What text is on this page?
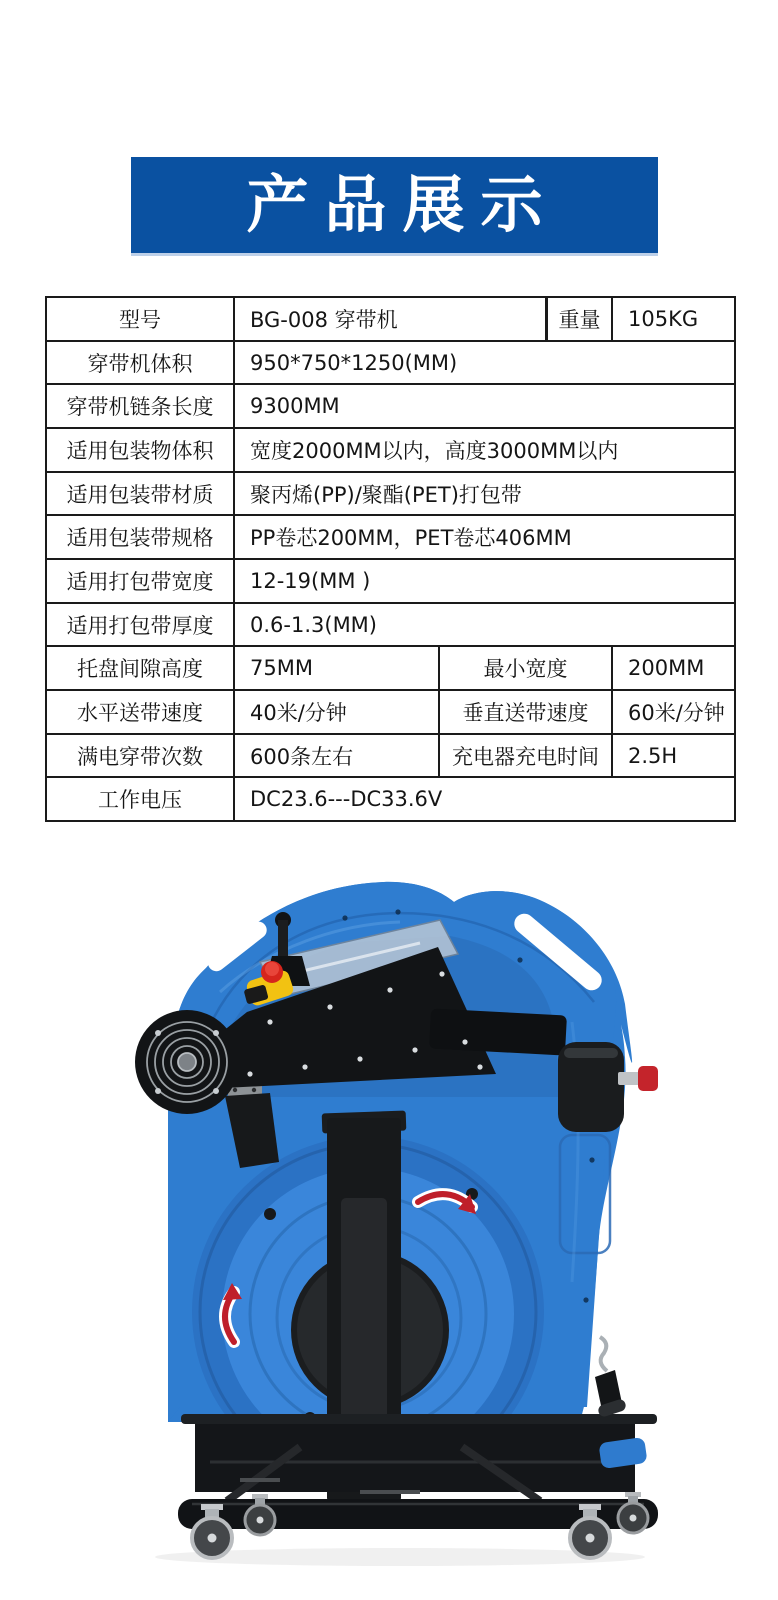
产品展示
型号	BG-008 穿带机	重量	105KG
穿带机体积	950*750*1250(MM)
穿带机链条长度	9300MM
适用包装物体积	宽度2000MM以内，高度3000MM以内
适用包装带材质	聚丙烯(PP)/聚酯(PET)打包带
适用包装带规格	PP卷芯200MM，PET卷芯406MM
适用打包带宽度	12-19(MM )
适用打包带厚度	0.6-1.3(MM)
托盘间隙高度	75MM	最小宽度	200MM
水平送带速度	40米/分钟	垂直送带速度	60米/分钟
满电穿带次数	600条左右	充电器充电时间	2.5H
工作电压	DC23.6---DC33.6V
